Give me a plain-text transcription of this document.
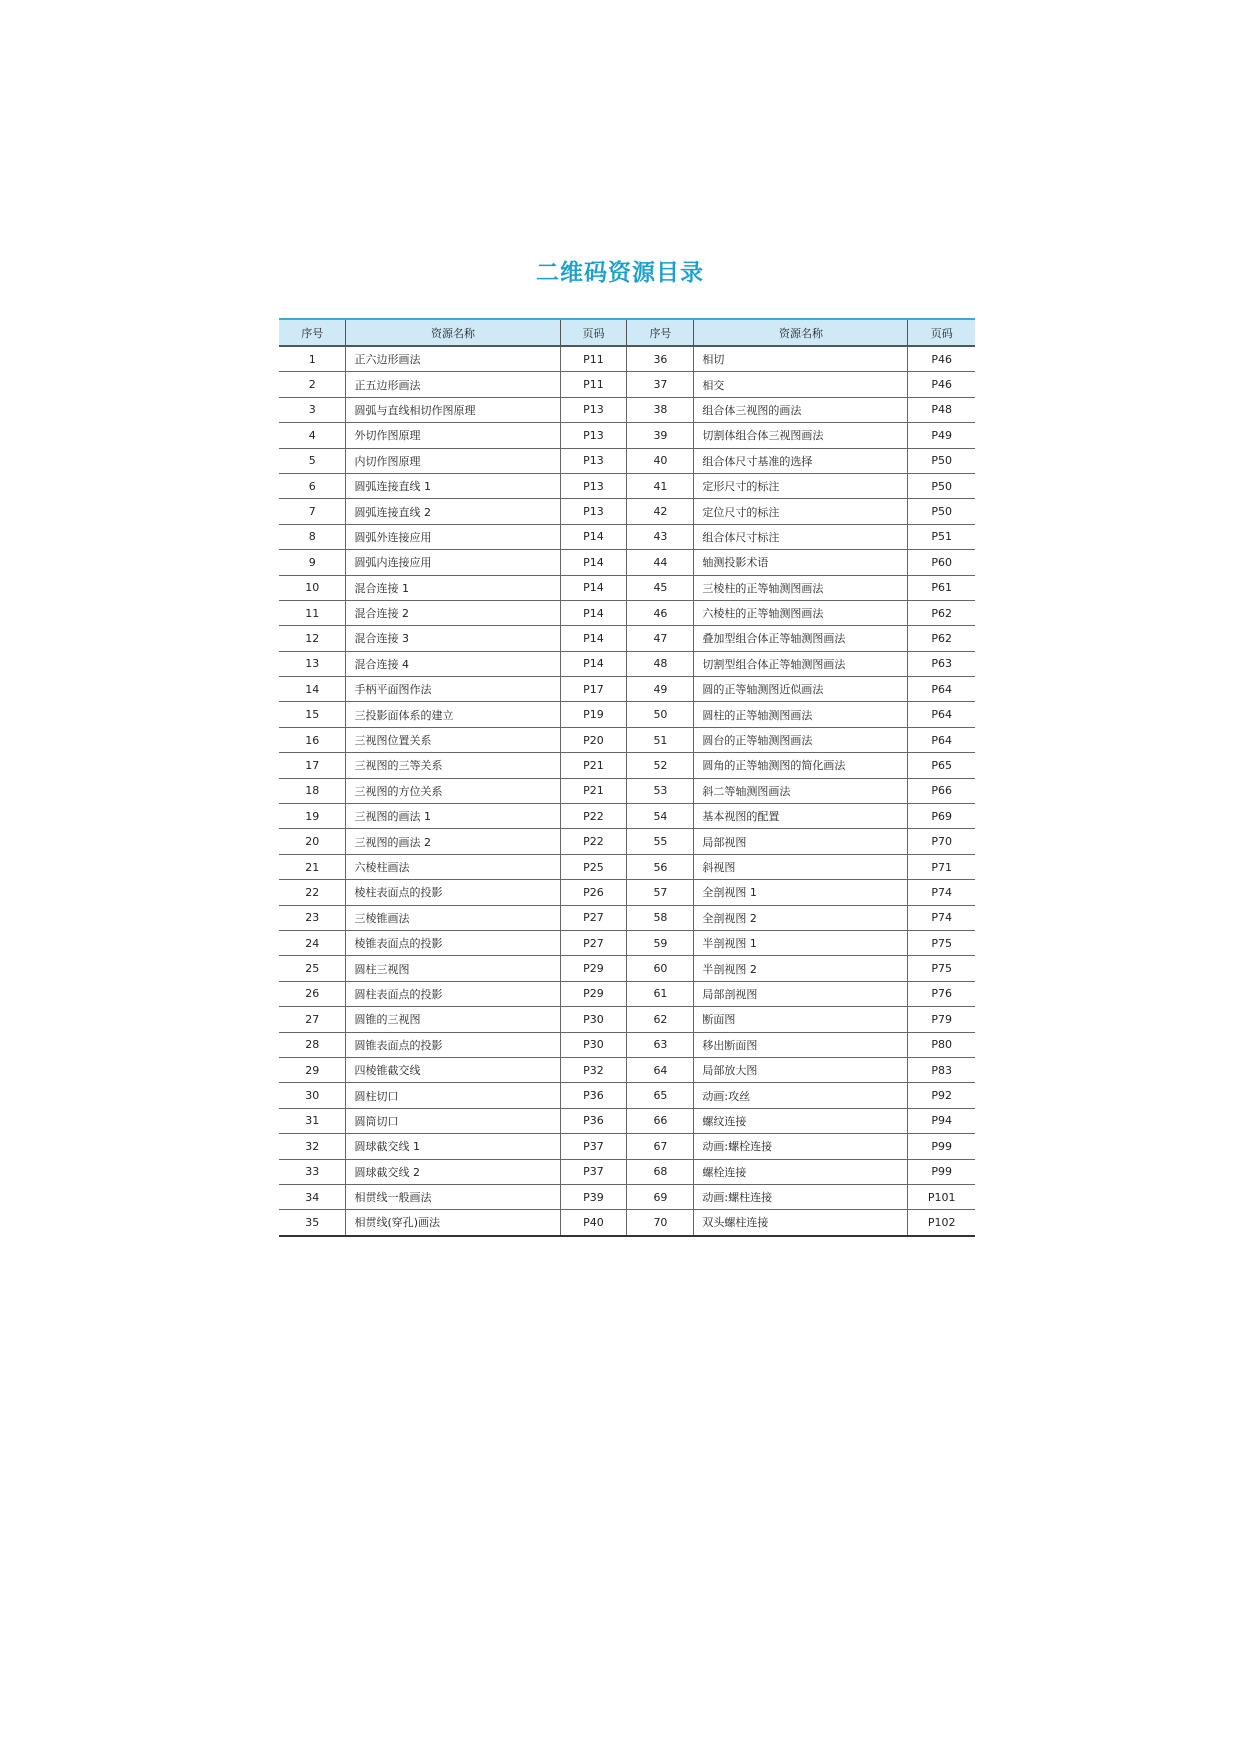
二维码资源目录
序号	资源名称	页码	序号	资源名称	页码
1	正六边形画法	P11	36	相切	P46
2	正五边形画法	P11	37	相交	P46
3	圆弧与直线相切作图原理	P13	38	组合体三视图的画法	P48
4	外切作图原理	P13	39	切割体组合体三视图画法	P49
5	内切作图原理	P13	40	组合体尺寸基准的选择	P50
6	圆弧连接直线 1	P13	41	定形尺寸的标注	P50
7	圆弧连接直线 2	P13	42	定位尺寸的标注	P50
8	圆弧外连接应用	P14	43	组合体尺寸标注	P51
9	圆弧内连接应用	P14	44	轴测投影术语	P60
10	混合连接 1	P14	45	三棱柱的正等轴测图画法	P61
11	混合连接 2	P14	46	六棱柱的正等轴测图画法	P62
12	混合连接 3	P14	47	叠加型组合体正等轴测图画法	P62
13	混合连接 4	P14	48	切割型组合体正等轴测图画法	P63
14	手柄平面图作法	P17	49	圆的正等轴测图近似画法	P64
15	三投影面体系的建立	P19	50	圆柱的正等轴测图画法	P64
16	三视图位置关系	P20	51	圆台的正等轴测图画法	P64
17	三视图的三等关系	P21	52	圆角的正等轴测图的简化画法	P65
18	三视图的方位关系	P21	53	斜二等轴测图画法	P66
19	三视图的画法 1	P22	54	基本视图的配置	P69
20	三视图的画法 2	P22	55	局部视图	P70
21	六棱柱画法	P25	56	斜视图	P71
22	棱柱表面点的投影	P26	57	全剖视图 1	P74
23	三棱锥画法	P27	58	全剖视图 2	P74
24	棱锥表面点的投影	P27	59	半剖视图 1	P75
25	圆柱三视图	P29	60	半剖视图 2	P75
26	圆柱表面点的投影	P29	61	局部剖视图	P76
27	圆锥的三视图	P30	62	断面图	P79
28	圆锥表面点的投影	P30	63	移出断面图	P80
29	四棱锥截交线	P32	64	局部放大图	P83
30	圆柱切口	P36	65	动画:攻丝	P92
31	圆筒切口	P36	66	螺纹连接	P94
32	圆球截交线 1	P37	67	动画:螺栓连接	P99
33	圆球截交线 2	P37	68	螺栓连接	P99
34	相贯线一般画法	P39	69	动画:螺柱连接	P101
35	相贯线(穿孔)画法	P40	70	双头螺柱连接	P102
